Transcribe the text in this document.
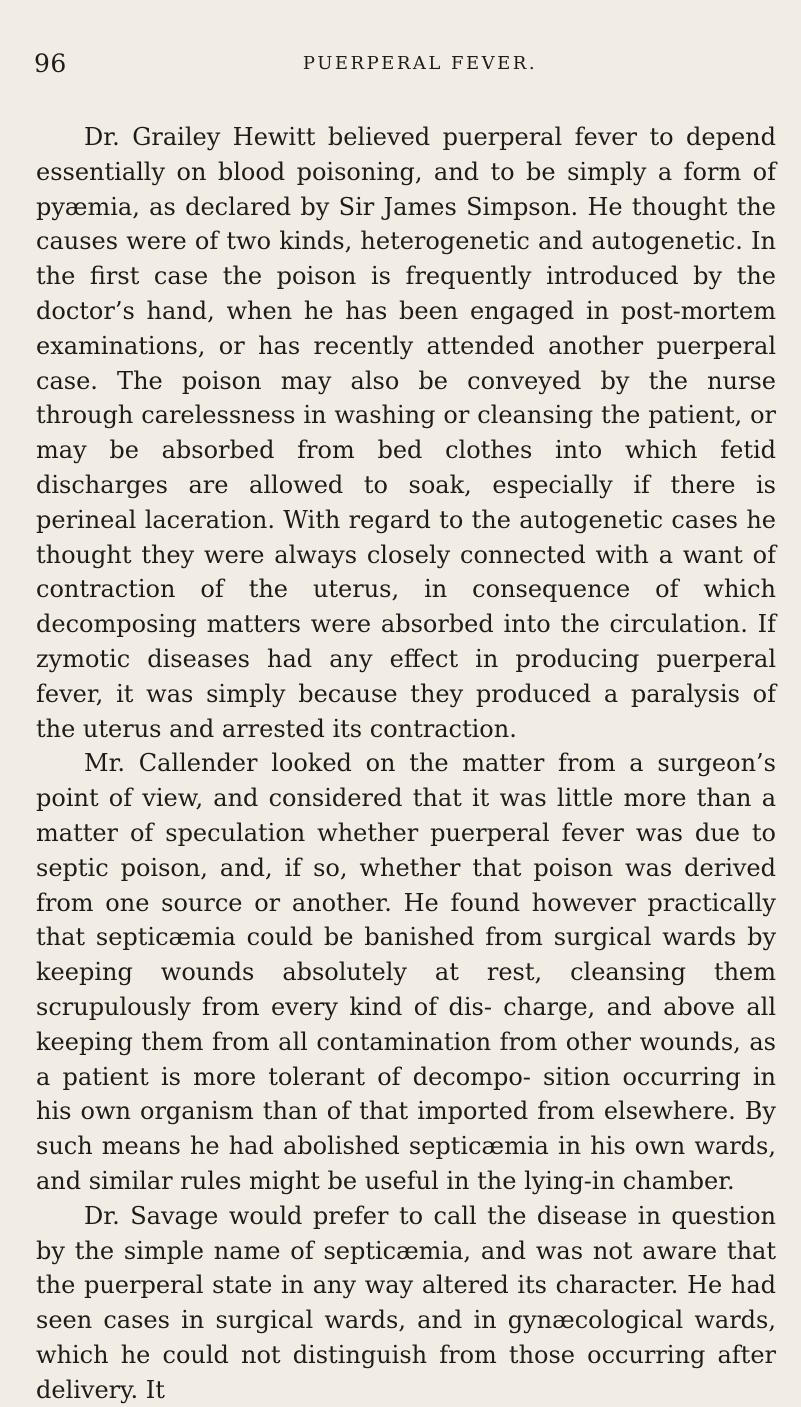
96	PUERPERAL FEVER.

Dr. Grailey Hewitt believed puerperal fever to depend essentially on blood poisoning, and to be simply a form of pyæmia, as declared by Sir James Simpson. He thought the causes were of two kinds, heterogenetic and autogenetic. In the first case the poison is frequently introduced by the doctor’s hand, when he has been engaged in post-mortem examinations, or has recently attended another puerperal case. The poison may also be conveyed by the nurse through carelessness in washing or cleansing the patient, or may be absorbed from bed clothes into which fetid discharges are allowed to soak, especially if there is perineal laceration. With regard to the autogenetic cases he thought they were always closely connected with a want of contraction of the uterus, in consequence of which decomposing matters were absorbed into the circulation. If zymotic diseases had any effect in producing puerperal fever, it was simply because they produced a paralysis of the uterus and arrested its contraction.

Mr. Callender looked on the matter from a surgeon’s point of view, and considered that it was little more than a matter of speculation whether puerperal fever was due to septic poison, and, if so, whether that poison was derived from one source or another. He found however practically that septicæmia could be banished from surgical wards by keeping wounds absolutely at rest, cleansing them scrupulously from every kind of dis- charge, and above all keeping them from all contamination from other wounds, as a patient is more tolerant of decompo- sition occurring in his own organism than of that imported from elsewhere. By such means he had abolished septicæmia in his own wards, and similar rules might be useful in the lying-in chamber.

Dr. Savage would prefer to call the disease in question by the simple name of septicæmia, and was not aware that the puerperal state in any way altered its character. He had seen cases in surgical wards, and in gynæcological wards, which he could not distinguish from those occurring after delivery. It
